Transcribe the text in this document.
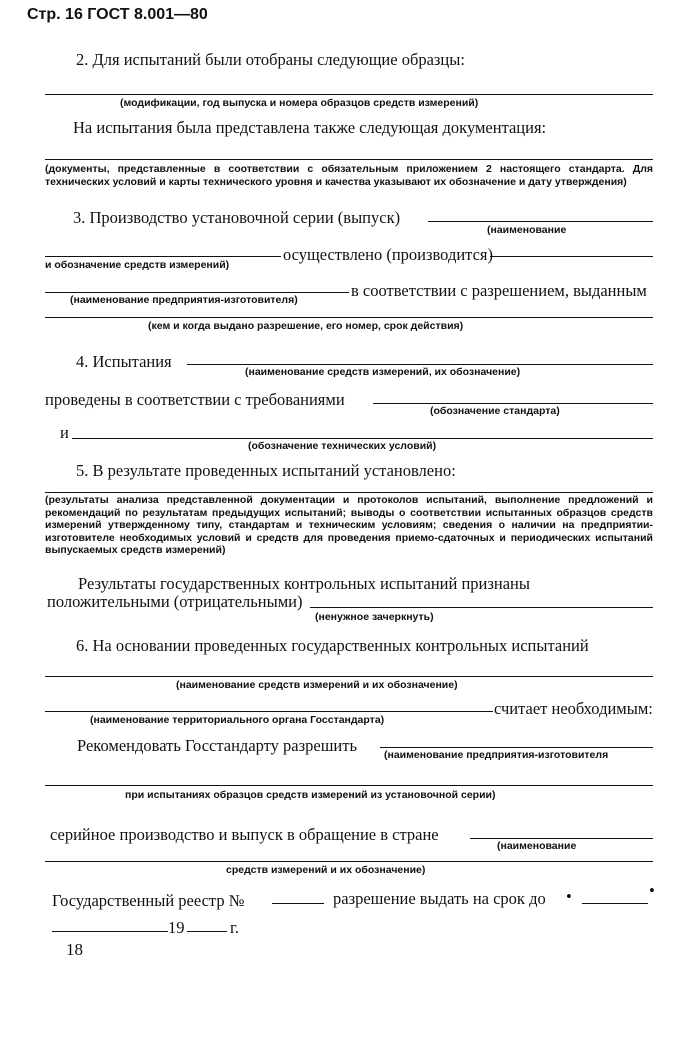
Стр. 16 ГОСТ 8.001—80
2. Для испытаний были отобраны следующие образцы:
(модификации, год выпуска и номера образцов средств измерений)
На испытания была представлена также следующая документация:
(документы, представленные в соответствии с обязательным приложением 2 настоящего стандарта. Для технических условий и карты технического уровня и качества указывают их обозначение и дату утверждения)
3. Производство установочной серии (выпуск)
(наименование
и обозначение средств измерений)
осуществлено (производится)
(наименование предприятия-изготовителя)	в соответствии с разрешением, выданным
(кем и когда выдано разрешение, его номер, срок действия)
4. Испытания
(наименование средств измерений, их обозначение)
проведены в соответствии с требованиями
(обозначение стандарта)
и
(обозначение технических условий)
5. В результате проведенных испытаний установлено:
(результаты анализа представленной документации и протоколов испытаний, выполнение предложений и рекомендаций по результатам предыдущих испытаний; выводы о соответствии испытанных образцов средств измерений утвержденному типу, стандартам и техническим условиям; сведения о наличии на предприятии-изготовителе необходимых условий и средств для проведения приемо-сдаточных и периодических испытаний выпускаемых средств измерений)
Результаты государственных контрольных испытаний признаны
положительными (отрицательными)
(ненужное зачеркнуть)
6. На основании проведенных государственных контрольных испытаний
(наименование средств измерений и их обозначение)
считает необходимым:
(наименование территориального органа Госстандарта)
Рекомендовать Госстандарту разрешить	(наименование предприятия-изготовителя
при испытаниях образцов средств измерений из установочной серии)
серийное производство и выпуск в обращение в стране
(наименование
средств измерений и их обозначение)
Государственный реестр №	разрешение выдать на срок до •	•
19	г.
18
